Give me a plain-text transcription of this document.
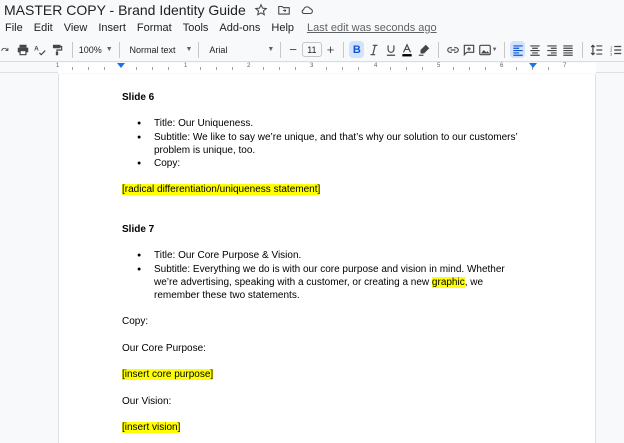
MASTER COPY - Brand Identity Guide
File Edit View Insert Format Tools Add-ons Help Last edit was seconds ago
A	100% ▼ Normal text ▼ Arial	▼ −	11 +	B	▼	1
2
3
1	1	2	3	4	5	6	7

Slide 6

● Title: Our Uniqueness.
● Subtitle: We like to say we’re unique, and that’s why our solution to our customers’ problem is unique, too.
● Copy:

[radical differentiation/uniqueness statement]

Slide 7

● Title: Our Core Purpose & Vision.
● Subtitle: Everything we do is with our core purpose and vision in mind. Whether we’re advertising, speaking with a customer, or creating a new graphic, we remember these two statements.

Copy:

Our Core Purpose:

[insert core purpose]

Our Vision:

[insert vision]
